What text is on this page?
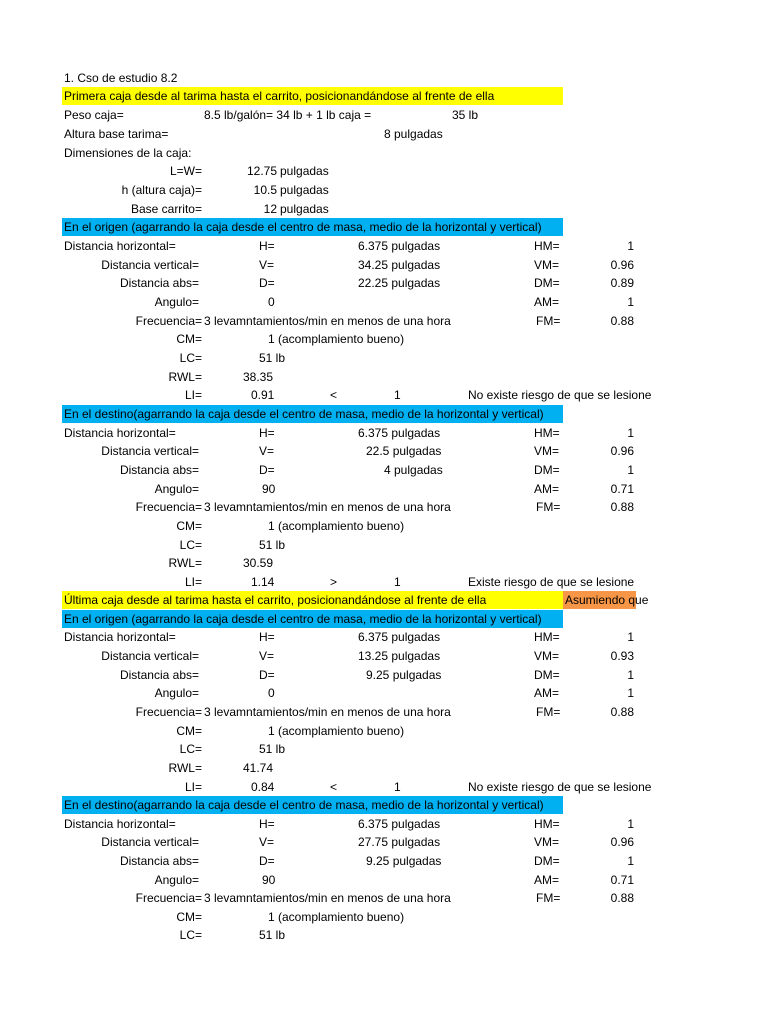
1. Cso de estudio 8.2
Primera caja desde al tarima hasta el carrito, posicionandándose al frente de ella
Peso caja=	8.5 lb/galón= 34 lb + 1 lb caja =	35 lb
Altura base tarima=	8 pulgadas
Dimensiones de la caja:
L=W=	12.75 pulgadas
h (altura caja)=	10.5 pulgadas
Base carrito=	12 pulgadas
En el origen (agarrando la caja desde el centro de masa, medio de la horizontal y vertical)
Distancia horizontal=	H=	6.375 pulgadas	HM=	1
Distancia vertical=	V=	34.25 pulgadas	VM=	0.96
Distancia abs=	D=	22.25 pulgadas	DM=	0.89
Angulo=	0	AM=	1
Frecuencia= 3 levamntamientos/min en menos de una hora	FM=	0.88
CM=	1 (acomplamiento bueno)
LC=	51 lb
RWL=	38.35
LI=	0.91	<	1	No existe riesgo de que se lesione
En el destino(agarrando la caja desde el centro de masa, medio de la horizontal y vertical)
Distancia horizontal=	H=	6.375 pulgadas	HM=	1
Distancia vertical=	V=	22.5 pulgadas	VM=	0.96
Distancia abs=	D=	4 pulgadas	DM=	1
Angulo=	90	AM=	0.71
Frecuencia= 3 levamntamientos/min en menos de una hora	FM=	0.88
CM=	1 (acomplamiento bueno)
LC=	51 lb
RWL=	30.59
LI=	1.14	>	1	Existe riesgo de que se lesione
Última caja desde al tarima hasta el carrito, posicionandándose al frente de ella	Asumiendo que
En el origen (agarrando la caja desde el centro de masa, medio de la horizontal y vertical)
Distancia horizontal=	H=	6.375 pulgadas	HM=	1
Distancia vertical=	V=	13.25 pulgadas	VM=	0.93
Distancia abs=	D=	9.25 pulgadas	DM=	1
Angulo=	0	AM=	1
Frecuencia= 3 levamntamientos/min en menos de una hora	FM=	0.88
CM=	1 (acomplamiento bueno)
LC=	51 lb
RWL=	41.74
LI=	0.84	<	1	No existe riesgo de que se lesione
En el destino(agarrando la caja desde el centro de masa, medio de la horizontal y vertical)
Distancia horizontal=	H=	6.375 pulgadas	HM=	1
Distancia vertical=	V=	27.75 pulgadas	VM=	0.96
Distancia abs=	D=	9.25 pulgadas	DM=	1
Angulo=	90	AM=	0.71
Frecuencia= 3 levamntamientos/min en menos de una hora	FM=	0.88
CM=	1 (acomplamiento bueno)
LC=	51 lb
